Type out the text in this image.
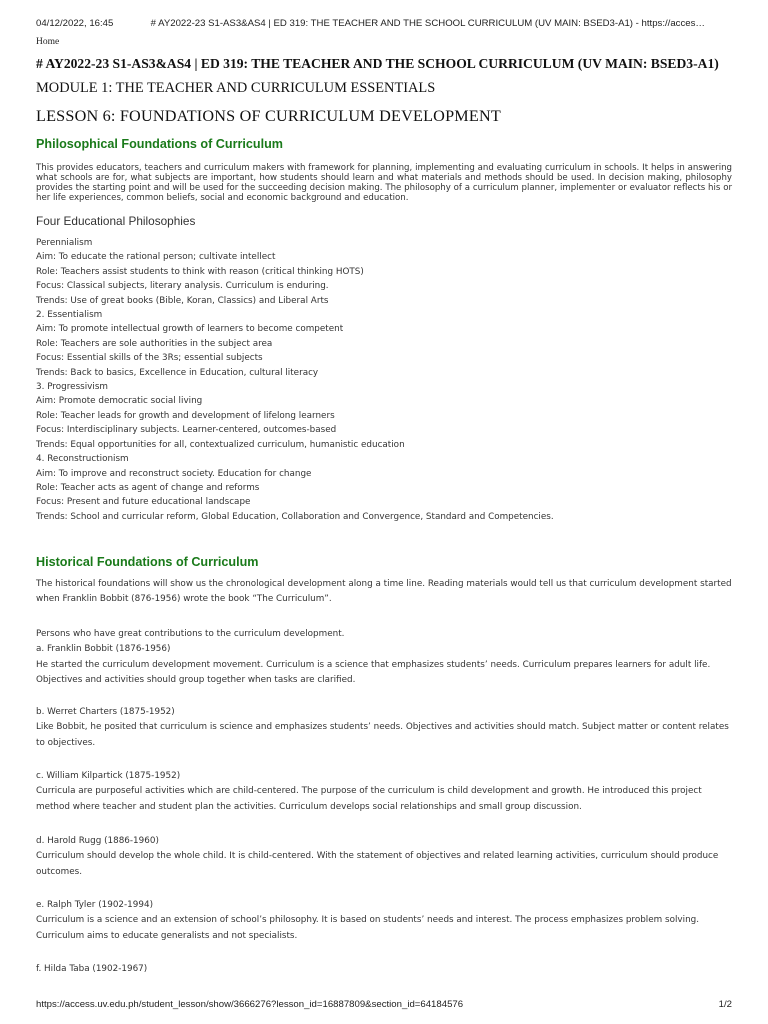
04/12/2022, 16:45	# AY2022-23 S1-AS3&AS4 | ED 319: THE TEACHER AND THE SCHOOL CURRICULUM (UV MAIN: BSED3-A1) - https://acces…
Home
# AY2022-23 S1-AS3&AS4 | ED 319: THE TEACHER AND THE SCHOOL CURRICULUM (UV MAIN: BSED3-A1)
MODULE 1: THE TEACHER AND CURRICULUM ESSENTIALS
LESSON 6: FOUNDATIONS OF CURRICULUM DEVELOPMENT
Philosophical Foundations of Curriculum

This provides educators, teachers and curriculum makers with framework for planning, implementing and evaluating curriculum in schools. It helps in answering what schools are for, what subjects are important, how students should learn and what materials and methods should be used. In decision making, philosophy provides the starting point and will be used for the succeeding decision making. The philosophy of a curriculum planner, implementer or evaluator reflects his or her life experiences, common beliefs, social and economic background and education.

Four Educational Philosophies
Perennialism
Aim: To educate the rational person; cultivate intellect
Role: Teachers assist students to think with reason (critical thinking HOTS)
Focus: Classical subjects, literary analysis. Curriculum is enduring.
Trends: Use of great books (Bible, Koran, Classics) and Liberal Arts
2. Essentialism
Aim: To promote intellectual growth of learners to become competent
Role: Teachers are sole authorities in the subject area
Focus: Essential skills of the 3Rs; essential subjects
Trends: Back to basics, Excellence in Education, cultural literacy
3. Progressivism
Aim: Promote democratic social living
Role: Teacher leads for growth and development of lifelong learners
Focus: Interdisciplinary subjects. Learner-centered, outcomes-based
Trends: Equal opportunities for all, contextualized curriculum, humanistic education
4. Reconstructionism
Aim: To improve and reconstruct society. Education for change
Role: Teacher acts as agent of change and reforms
Focus: Present and future educational landscape
Trends: School and curricular reform, Global Education, Collaboration and Convergence, Standard and Competencies.
Historical Foundations of Curriculum

The historical foundations will show us the chronological development along a time line. Reading materials would tell us that curriculum development started when Franklin Bobbit (876-1956) wrote the book “The Curriculum”.

Persons who have great contributions to the curriculum development.

a. Franklin Bobbit (1876-1956)

He started the curriculum development movement. Curriculum is a science that emphasizes students’ needs. Curriculum prepares learners for adult life. Objectives and activities should group together when tasks are clarified.

b. Werret Charters (1875-1952)

Like Bobbit, he posited that curriculum is science and emphasizes students’ needs. Objectives and activities should match. Subject matter or content relates to objectives.

c. William Kilpartick (1875-1952)

Curricula are purposeful activities which are child-centered. The purpose of the curriculum is child development and growth. He introduced this project method where teacher and student plan the activities. Curriculum develops social relationships and small group discussion.

d. Harold Rugg (1886-1960)

Curriculum should develop the whole child. It is child-centered. With the statement of objectives and related learning activities, curriculum should produce outcomes.

e. Ralph Tyler (1902-1994)

Curriculum is a science and an extension of school’s philosophy. It is based on students’ needs and interest. The process emphasizes problem solving. Curriculum aims to educate generalists and not specialists.

f. Hilda Taba (1902-1967)

https://access.uv.edu.ph/student_lesson/show/3666276?lesson_id=16887809&section_id=64184576	1/2
